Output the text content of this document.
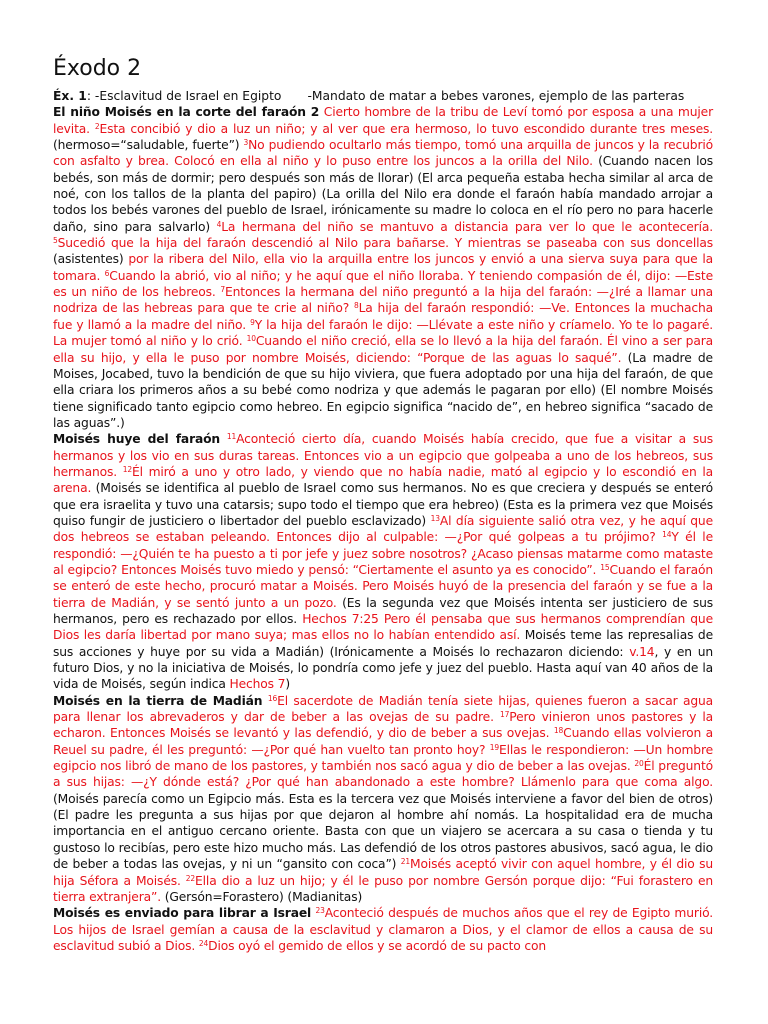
Éxodo 2
Éx. 1: -Esclavitud de Israel en Egipto -Mandato de matar a bebes varones, ejemplo de las parteras

El niño Moisés en la corte del faraón 2 Cierto hombre de la tribu de Leví tomó por esposa a una mujer levita. $^2$Esta concibió y dio a luz un niño; y al ver que era hermoso, lo tuvo escondido durante tres meses. (hermoso=“saludable, fuerte”) $^3$No pudiendo ocultarlo más tiempo, tomó una arquilla de juncos y la recubrió con asfalto y brea. Colocó en ella al niño y lo puso entre los juncos a la orilla del Nilo. (Cuando nacen los bebés, son más de dormir; pero después son más de llorar) (El arca pequeña estaba hecha similar al arca de noé, con los tallos de la planta del papiro) (La orilla del Nilo era donde el faraón había mandado arrojar a todos los bebés varones del pueblo de Israel, irónicamente su madre lo coloca en el río pero no para hacerle daño, sino para salvarlo) $^4$La hermana del niño se mantuvo a distancia para ver lo que le acontecería. $^5$Sucedió que la hija del faraón descendió al Nilo para bañarse. Y mientras se paseaba con sus doncellas (asistentes) por la ribera del Nilo, ella vio la arquilla entre los juncos y envió a una sierva suya para que la tomara. $^6$Cuando la abrió, vio al niño; y he aquí que el niño lloraba. Y teniendo compasión de él, dijo: —Este es un niño de los hebreos. $^7$Entonces la hermana del niño preguntó a la hija del faraón: —¿Iré a llamar una nodriza de las hebreas para que te crie al niño? $^8$La hija del faraón respondió: —Ve. Entonces la muchacha fue y llamó a la madre del niño. $^9$Y la hija del faraón le dijo: —Llévate a este niño y críamelo. Yo te lo pagaré. La mujer tomó al niño y lo crió. $^{10}$Cuando el niño creció, ella se lo llevó a la hija del faraón. Él vino a ser para ella su hijo, y ella le puso por nombre Moisés, diciendo: “Porque de las aguas lo saqué”. (La madre de Moises, Jocabed, tuvo la bendición de que su hijo viviera, que fuera adoptado por una hija del faraón, de que ella criara los primeros años a su bebé como nodriza y que además le pagaran por ello) (El nombre Moisés tiene significado tanto egipcio como hebreo. En egipcio significa “nacido de”, en hebreo significa “sacado de las aguas”.)

Moisés huye del faraón $^{11}$Aconteció cierto día, cuando Moisés había crecido, que fue a visitar a sus hermanos y los vio en sus duras tareas. Entonces vio a un egipcio que golpeaba a uno de los hebreos, sus hermanos. $^{12}$Él miró a uno y otro lado, y viendo que no había nadie, mató al egipcio y lo escondió en la arena. (Moisés se identifica al pueblo de Israel como sus hermanos. No es que creciera y después se enteró que era israelita y tuvo una catarsis; supo todo el tiempo que era hebreo) (Esta es la primera vez que Moisés quiso fungir de justiciero o libertador del pueblo esclavizado) $^{13}$Al día siguiente salió otra vez, y he aquí que dos hebreos se estaban peleando. Entonces dijo al culpable: —¿Por qué golpeas a tu prójimo? $^{14}$Y él le respondió: —¿Quién te ha puesto a ti por jefe y juez sobre nosotros? ¿Acaso piensas matarme como mataste al egipcio? Entonces Moisés tuvo miedo y pensó: “Ciertamente el asunto ya es conocido”. $^{15}$Cuando el faraón se enteró de este hecho, procuró matar a Moisés. Pero Moisés huyó de la presencia del faraón y se fue a la tierra de Madián, y se sentó junto a un pozo. (Es la segunda vez que Moisés intenta ser justiciero de sus hermanos, pero es rechazado por ellos. Hechos 7:25 Pero él pensaba que sus hermanos comprendían que Dios les daría libertad por mano suya; mas ellos no lo habían entendido así. Moisés teme las represalias de sus acciones y huye por su vida a Madián) (Irónicamente a Moisés lo rechazaron diciendo: v.14, y en un futuro Dios, y no la iniciativa de Moisés, lo pondría como jefe y juez del pueblo. Hasta aquí van 40 años de la vida de Moisés, según indica Hechos 7)

Moisés en la tierra de Madián $^{16}$El sacerdote de Madián tenía siete hijas, quienes fueron a sacar agua para llenar los abrevaderos y dar de beber a las ovejas de su padre. $^{17}$Pero vinieron unos pastores y la echaron. Entonces Moisés se levantó y las defendió, y dio de beber a sus ovejas. $^{18}$Cuando ellas volvieron a Reuel su padre, él les preguntó: —¿Por qué han vuelto tan pronto hoy? $^{19}$Ellas le respondieron: —Un hombre egipcio nos libró de mano de los pastores, y también nos sacó agua y dio de beber a las ovejas. $^{20}$Él preguntó a sus hijas: —¿Y dónde está? ¿Por qué han abandonado a este hombre? Llámenlo para que coma algo. (Moisés parecía como un Egipcio más. Esta es la tercera vez que Moisés interviene a favor del bien de otros) (El padre les pregunta a sus hijas por que dejaron al hombre ahí nomás. La hospitalidad era de mucha importancia en el antiguo cercano oriente. Basta con que un viajero se acercara a su casa o tienda y tu gustoso lo recibías, pero este hizo mucho más. Las defendió de los otros pastores abusivos, sacó agua, le dio de beber a todas las ovejas, y ni un “gansito con coca”) $^{21}$Moisés aceptó vivir con aquel hombre, y él dio su hija Séfora a Moisés. $^{22}$Ella dio a luz un hijo; y él le puso por nombre Gersón porque dijo: “Fui forastero en tierra extranjera”. (Gersón=Forastero) (Madianitas)

Moisés es enviado para librar a Israel $^{23}$Aconteció después de muchos años que el rey de Egipto murió. Los hijos de Israel gemían a causa de la esclavitud y clamaron a Dios, y el clamor de ellos a causa de su esclavitud subió a Dios. $^{24}$Dios oyó el gemido de ellos y se acordó de su pacto con
